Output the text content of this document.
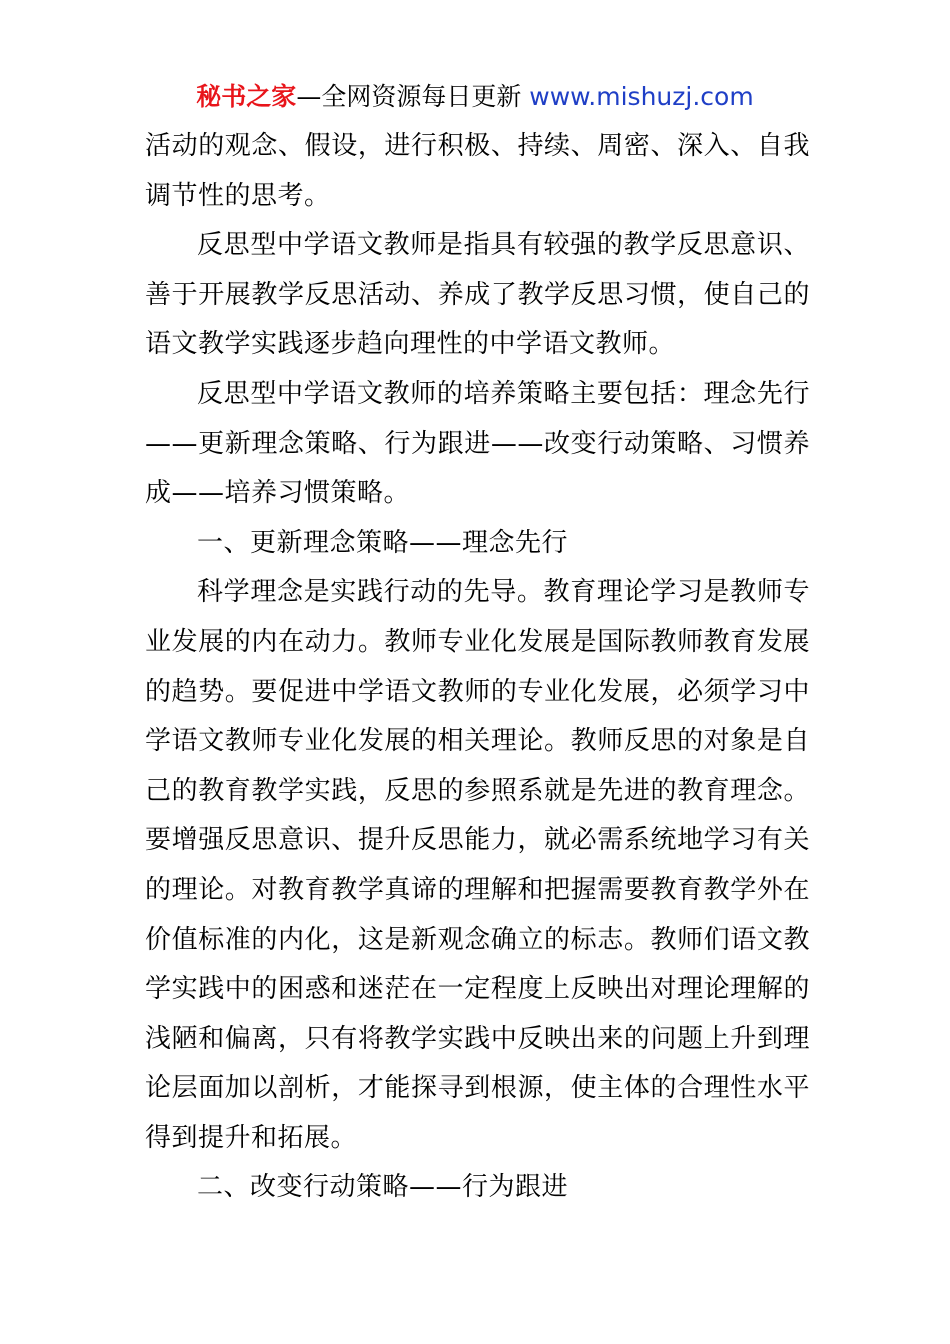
秘书之家—全网资源每日更新 www.mishuzj.com

活动的观念、假设，进行积极、持续、周密、深入、自我调节性的思考。

反思型中学语文教师是指具有较强的教学反思意识、善于开展教学反思活动、养成了教学反思习惯，使自己的语文教学实践逐步趋向理性的中学语文教师。

反思型中学语文教师的培养策略主要包括：理念先行——更新理念策略、行为跟进——改变行动策略、习惯养成——培养习惯策略。

一、更新理念策略——理念先行

科学理念是实践行动的先导。教育理论学习是教师专业发展的内在动力。教师专业化发展是国际教师教育发展的趋势。要促进中学语文教师的专业化发展，必须学习中学语文教师专业化发展的相关理论。教师反思的对象是自己的教育教学实践，反思的参照系就是先进的教育理念。要增强反思意识、提升反思能力，就必需系统地学习有关的理论。对教育教学真谛的理解和把握需要教育教学外在价值标准的内化，这是新观念确立的标志。教师们语文教学实践中的困惑和迷茫在一定程度上反映出对理论理解的浅陋和偏离，只有将教学实践中反映出来的问题上升到理论层面加以剖析，才能探寻到根源，使主体的合理性水平得到提升和拓展。

二、改变行动策略——行为跟进
